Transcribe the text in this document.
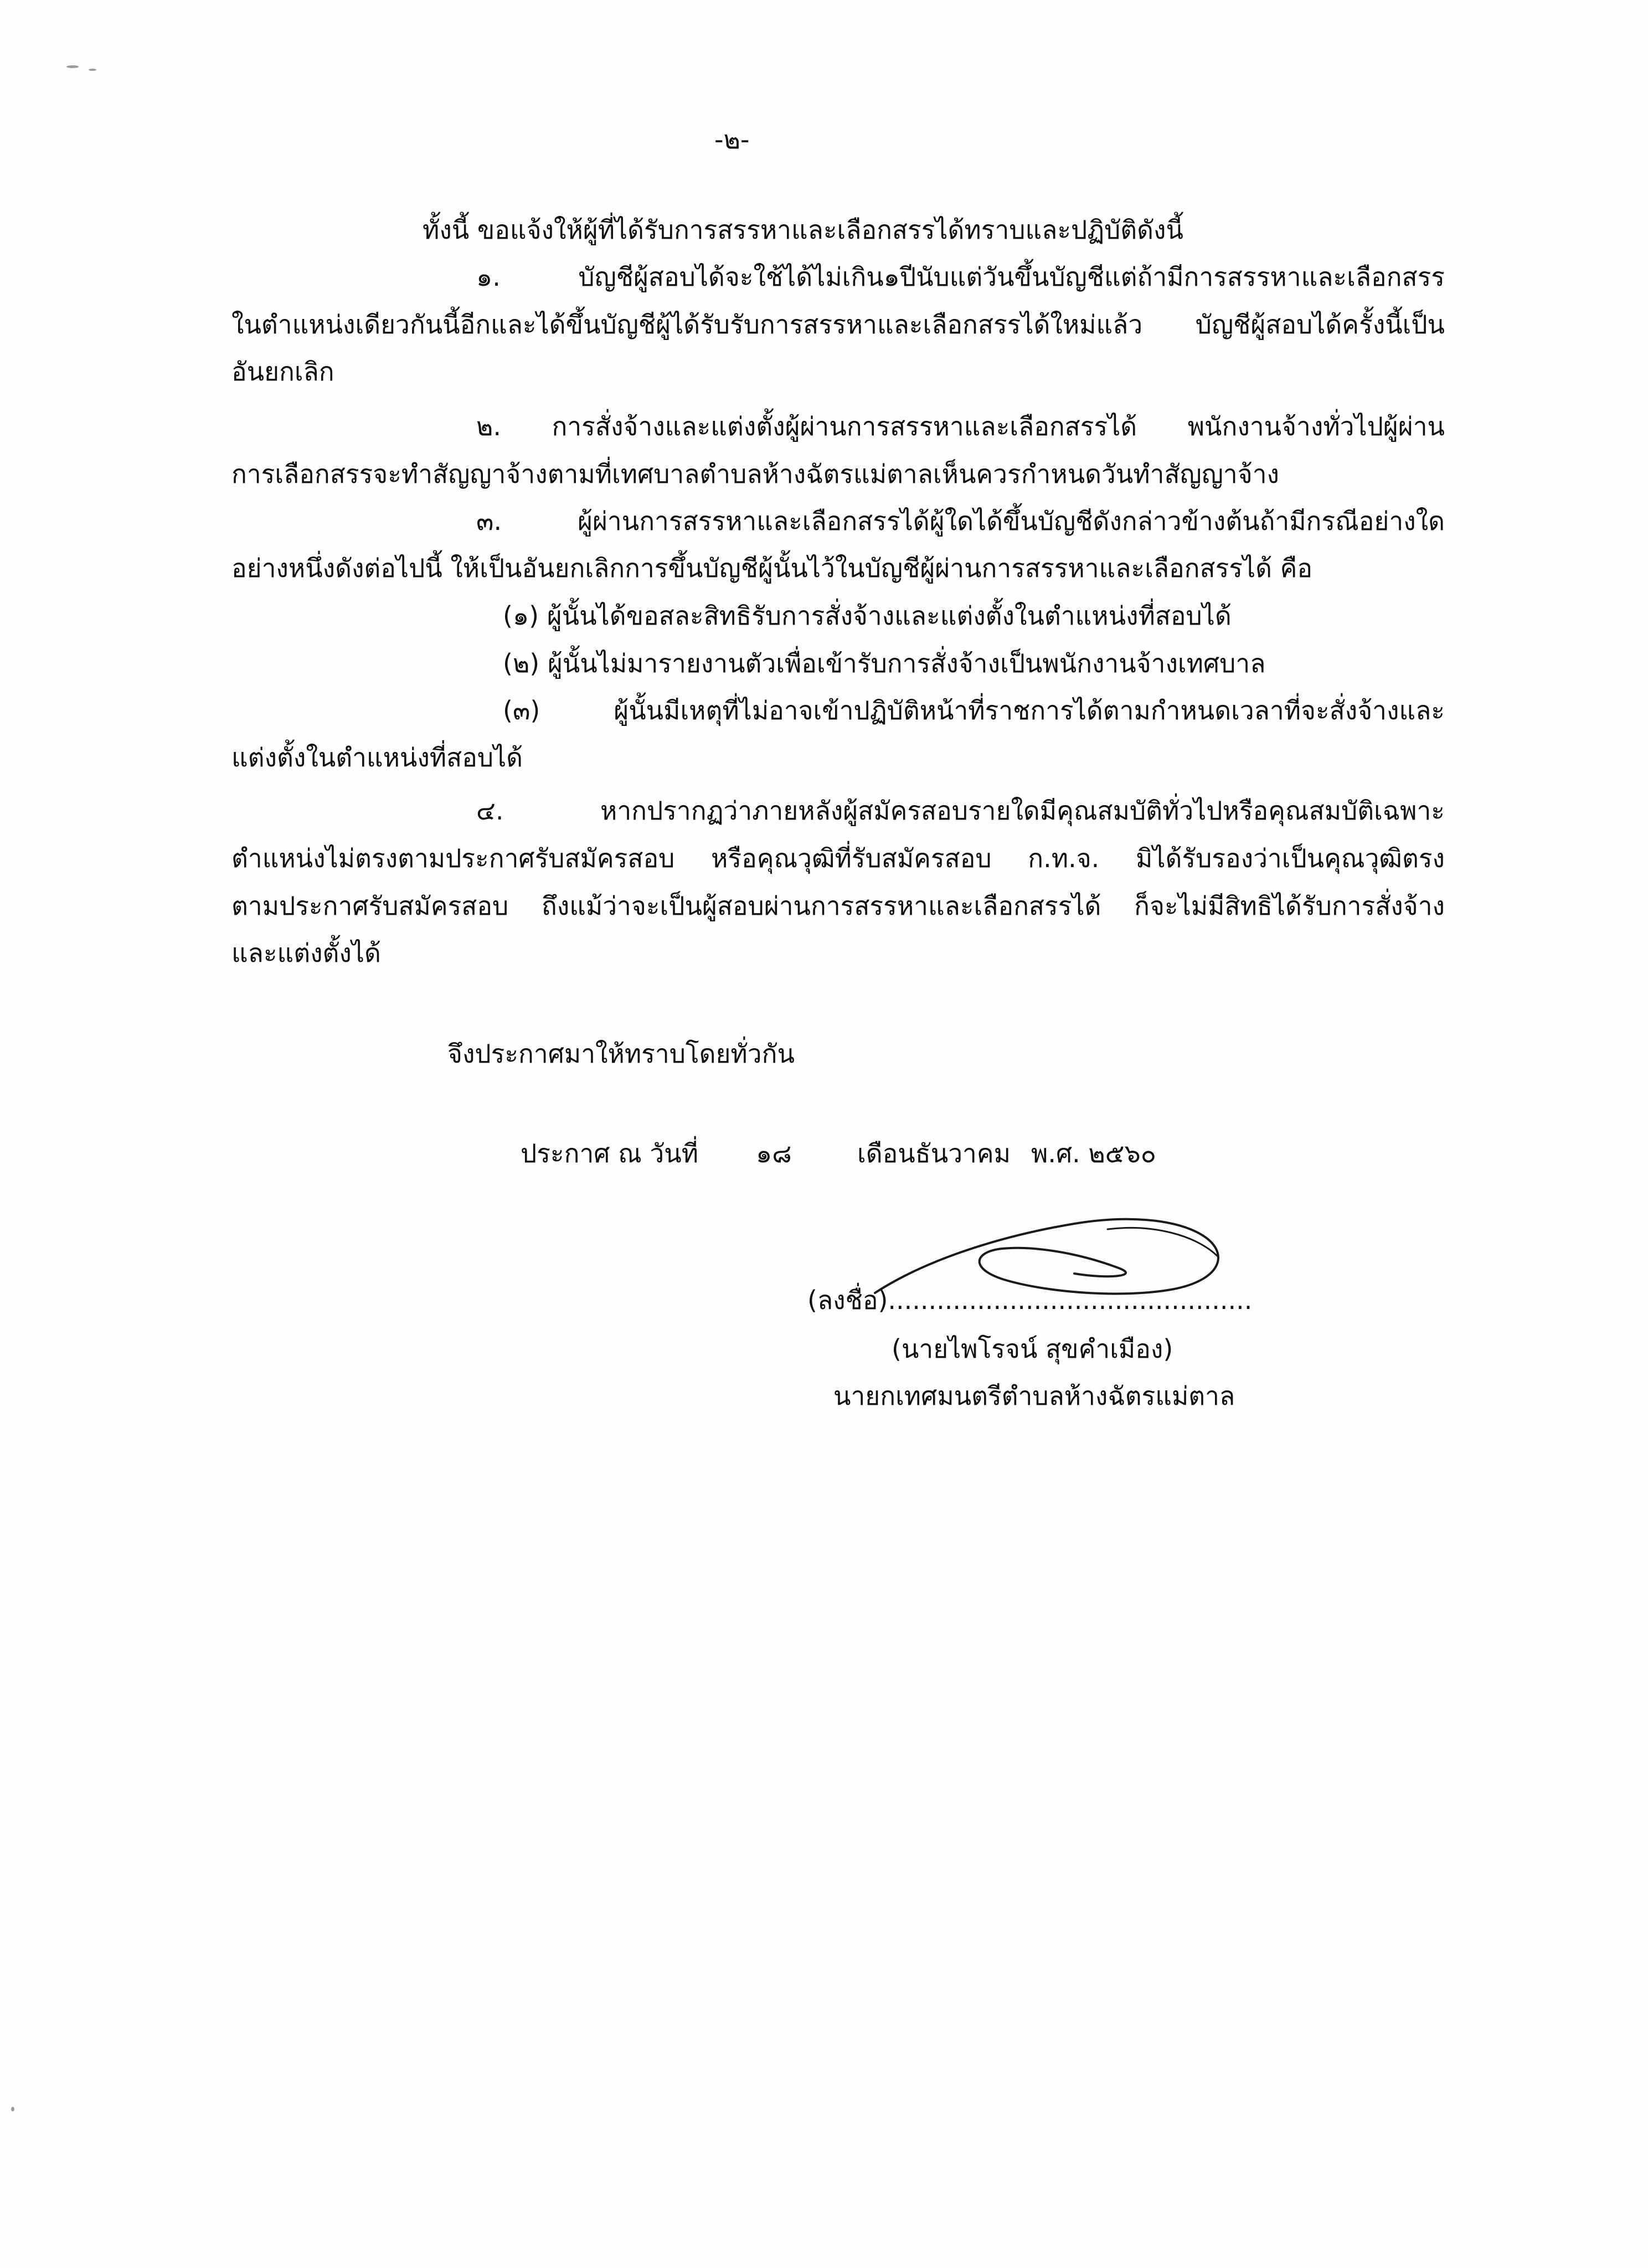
-๒-
ทั้งนี้ ขอแจ้งให้ผู้ที่ได้รับการสรรหาและเลือกสรรได้ทราบและปฏิบัติดังนี้
๑. บัญชีผู้สอบได้จะใช้ได้ไม่เกิน๑ปีนับแต่วันขึ้นบัญชีแต่ถ้ามีการสรรหาและเลือกสรร
ในตำแหน่งเดียวกันนี้อีกและได้ขึ้นบัญชีผู้ได้รับรับการสรรหาและเลือกสรรได้ใหม่แล้ว บัญชีผู้สอบได้ครั้งนี้เป็น
อันยกเลิก
๒. การสั่งจ้างและแต่งตั้งผู้ผ่านการสรรหาและเลือกสรรได้ พนักงานจ้างทั่วไปผู้ผ่าน
การเลือกสรรจะทำสัญญาจ้างตามที่เทศบาลตำบลห้างฉัตรแม่ตาลเห็นควรกำหนดวันทำสัญญาจ้าง
๓. ผู้ผ่านการสรรหาและเลือกสรรได้ผู้ใดได้ขึ้นบัญชีดังกล่าวข้างต้นถ้ามีกรณีอย่างใด
อย่างหนึ่งดังต่อไปนี้ ให้เป็นอันยกเลิกการขึ้นบัญชีผู้นั้นไว้ในบัญชีผู้ผ่านการสรรหาและเลือกสรรได้ คือ
(๑) ผู้นั้นได้ขอสละสิทธิรับการสั่งจ้างและแต่งตั้งในตำแหน่งที่สอบได้
(๒) ผู้นั้นไม่มารายงานตัวเพื่อเข้ารับการสั่งจ้างเป็นพนักงานจ้างเทศบาล
(๓) ผู้นั้นมีเหตุที่ไม่อาจเข้าปฏิบัติหน้าที่ราชการได้ตามกำหนดเวลาที่จะสั่งจ้างและ
แต่งตั้งในตำแหน่งที่สอบได้
๔. หากปรากฏว่าภายหลังผู้สมัครสอบรายใดมีคุณสมบัติทั่วไปหรือคุณสมบัติเฉพาะ
ตำแหน่งไม่ตรงตามประกาศรับสมัครสอบ หรือคุณวุฒิที่รับสมัครสอบ ก.ท.จ. มิได้รับรองว่าเป็นคุณวุฒิตรง
ตามประกาศรับสมัครสอบ ถึงแม้ว่าจะเป็นผู้สอบผ่านการสรรหาและเลือกสรรได้ ก็จะไม่มีสิทธิได้รับการสั่งจ้าง
และแต่งตั้งได้
จึงประกาศมาให้ทราบโดยทั่วกัน
ประกาศ ณ วันที่ ๑๘	เดือนธันวาคม พ.ศ. ๒๕๖๐
(ลงชื่อ).............................................
(นายไพโรจน์ สุขคำเมือง)
นายกเทศมนตรีตำบลห้างฉัตรแม่ตาล
